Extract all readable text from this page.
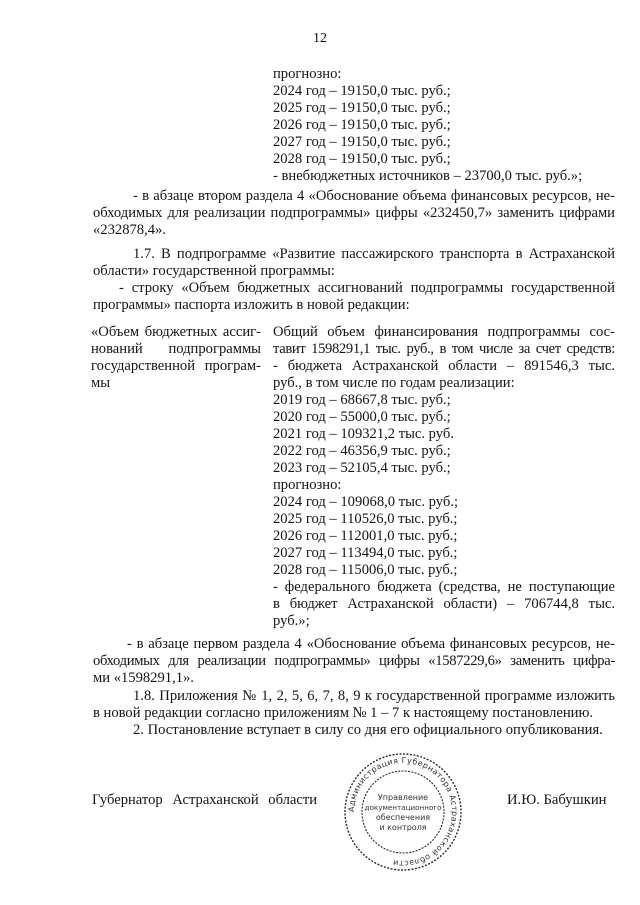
12
прогнозно:
2024 год – 19150,0 тыс. руб.;
2025 год – 19150,0 тыс. руб.;
2026 год – 19150,0 тыс. руб.;
2027 год – 19150,0 тыс. руб.;
2028 год – 19150,0 тыс. руб.;
- внебюджетных источников – 23700,0 тыс. руб.»;
- в абзаце втором раздела 4 «Обоснование объема финансовых ресурсов, не-
обходимых для реализации подпрограммы» цифры «232450,7» заменить цифрами
«232878,4».
1.7. В подпрограмме «Развитие пассажирского транспорта в Астраханской
области» государственной программы:
- строку «Объем бюджетных ассигнований подпрограммы государственной
программы» паспорта изложить в новой редакции:
«Объем бюджетных ассиг-
нований подпрограммы
государственной програм-
мы
Общий объем финансирования подпрограммы сос-
тавит 1598291,1 тыс. руб., в том числе за счет средств:
- бюджета Астраханской области – 891546,3 тыс.
руб., в том числе по годам реализации:
2019 год – 68667,8 тыс. руб.;
2020 год – 55000,0 тыс. руб.;
2021 год – 109321,2 тыс. руб.
2022 год – 46356,9 тыс. руб.;
2023 год – 52105,4 тыс. руб.;
прогнозно:
2024 год – 109068,0 тыс. руб.;
2025 год – 110526,0 тыс. руб.;
2026 год – 112001,0 тыс. руб.;
2027 год – 113494,0 тыс. руб.;
2028 год – 115006,0 тыс. руб.;
- федерального бюджета (средства, не поступающие
в бюджет Астраханской области) – 706744,8 тыс.
руб.»;
- в абзаце первом раздела 4 «Обоснование объема финансовых ресурсов, не-
обходимых для реализации подпрограммы» цифры «1587229,6» заменить цифра-
ми «1598291,1».
1.8. Приложения № 1, 2, 5, 6, 7, 8, 9 к государственной программе изложить
в новой редакции согласно приложениям № 1 – 7 к настоящему постановлению.
2. Постановление вступает в силу со дня его официального опубликования.
Губернатор Астраханской области	И.Ю. Бабушкин
Администрация Губернатора Астраханской области
Управление
документационного
обеспечения
и контроля
